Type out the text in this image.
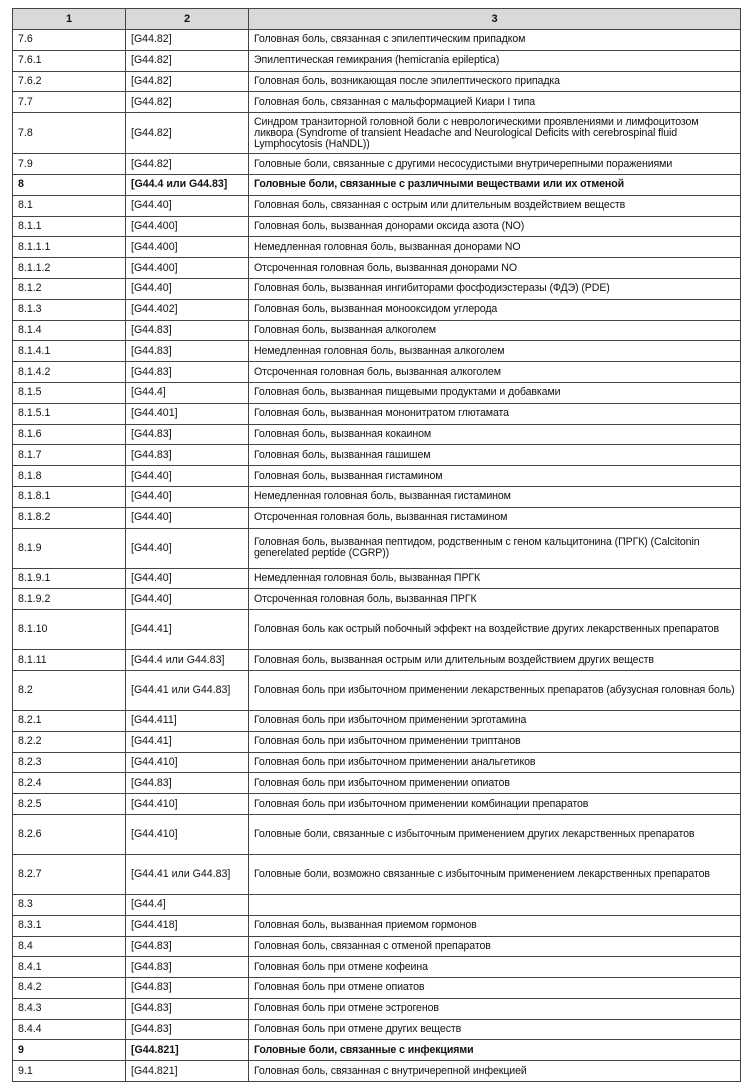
1	2	3
7.6	[G44.82]	Головная боль, связанная с эпилептическим припадком
7.6.1	[G44.82]	Эпилептическая гемикрания (hemicrania epileptica)
7.6.2	[G44.82]	Головная боль, возникающая после эпилептического припадка
7.7	[G44.82]	Головная боль, связанная с мальформацией Киари I типа
7.8	[G44.82]	Синдром транзиторной головной боли с неврологическими проявлениями и лимфоцитозом ликвора (Syndrome of transient Headache and Neurological Deficits with cerebrospinal fluid Lymphocytosis (HaNDL))
7.9	[G44.82]	Головные боли, связанные с другими несосудистыми внутричерепными поражениями
8	[G44.4 или G44.83]	Головные боли, связанные с различными веществами или их отменой
8.1	[G44.40]	Головная боль, связанная с острым или длительным воздействием веществ
8.1.1	[G44.400]	Головная боль, вызванная донорами оксида азота (NO)
8.1.1.1	[G44.400]	Немедленная головная боль, вызванная донорами NO
8.1.1.2	[G44.400]	Отсроченная головная боль, вызванная донорами NO
8.1.2	[G44.40]	Головная боль, вызванная ингибиторами фосфодиэстеразы (ФДЭ) (PDE)
8.1.3	[G44.402]	Головная боль, вызванная монооксидом углерода
8.1.4	[G44.83]	Головная боль, вызванная алкоголем
8.1.4.1	[G44.83]	Немедленная головная боль, вызванная алкоголем
8.1.4.2	[G44.83]	Отсроченная головная боль, вызванная алкоголем
8.1.5	[G44.4]	Головная боль, вызванная пищевыми продуктами и добавками
8.1.5.1	[G44.401]	Головная боль, вызванная мононитратом глютамата
8.1.6	[G44.83]	Головная боль, вызванная кокаином
8.1.7	[G44.83]	Головная боль, вызванная гашишем
8.1.8	[G44.40]	Головная боль, вызванная гистамином
8.1.8.1	[G44.40]	Немедленная головная боль, вызванная гистамином
8.1.8.2	[G44.40]	Отсроченная головная боль, вызванная гистамином
8.1.9	[G44.40]	Головная боль, вызванная пептидом, родственным с геном кальцитонина (ПРГК) (Calcitonin generelated peptide (CGRP))
8.1.9.1	[G44.40]	Немедленная головная боль, вызванная ПРГК
8.1.9.2	[G44.40]	Отсроченная головная боль, вызванная ПРГК
8.1.10	[G44.41]	Головная боль как острый побочный эффект на воздействие других лекарственных препаратов
8.1.11	[G44.4 или G44.83]	Головная боль, вызванная острым или длительным воздействием других веществ
8.2	[G44.41 или G44.83]	Головная боль при избыточном применении лекарственных препаратов (абузусная головная боль)
8.2.1	[G44.411]	Головная боль при избыточном применении эрготамина
8.2.2	[G44.41]	Головная боль при избыточном применении триптанов
8.2.3	[G44.410]	Головная боль при избыточном применении анальгетиков
8.2.4	[G44.83]	Головная боль при избыточном применении опиатов
8.2.5	[G44.410]	Головная боль при избыточном применении комбинации препаратов
8.2.6	[G44.410]	Головные боли, связанные с избыточным применением других лекарственных препаратов
8.2.7	[G44.41 или G44.83]	Головные боли, возможно связанные с избыточным применением лекарственных препаратов
8.3	[G44.4]	
8.3.1	[G44.418]	Головная боль, вызванная приемом гормонов
8.4	[G44.83]	Головная боль, связанная с отменой препаратов
8.4.1	[G44.83]	Головная боль при отмене кофеина
8.4.2	[G44.83]	Головная боль при отмене опиатов
8.4.3	[G44.83]	Головная боль при отмене эстрогенов
8.4.4	[G44.83]	Головная боль при отмене других веществ
9	[G44.821]	Головные боли, связанные с инфекциями
9.1	[G44.821]	Головная боль, связанная с внутричерепной инфекцией
